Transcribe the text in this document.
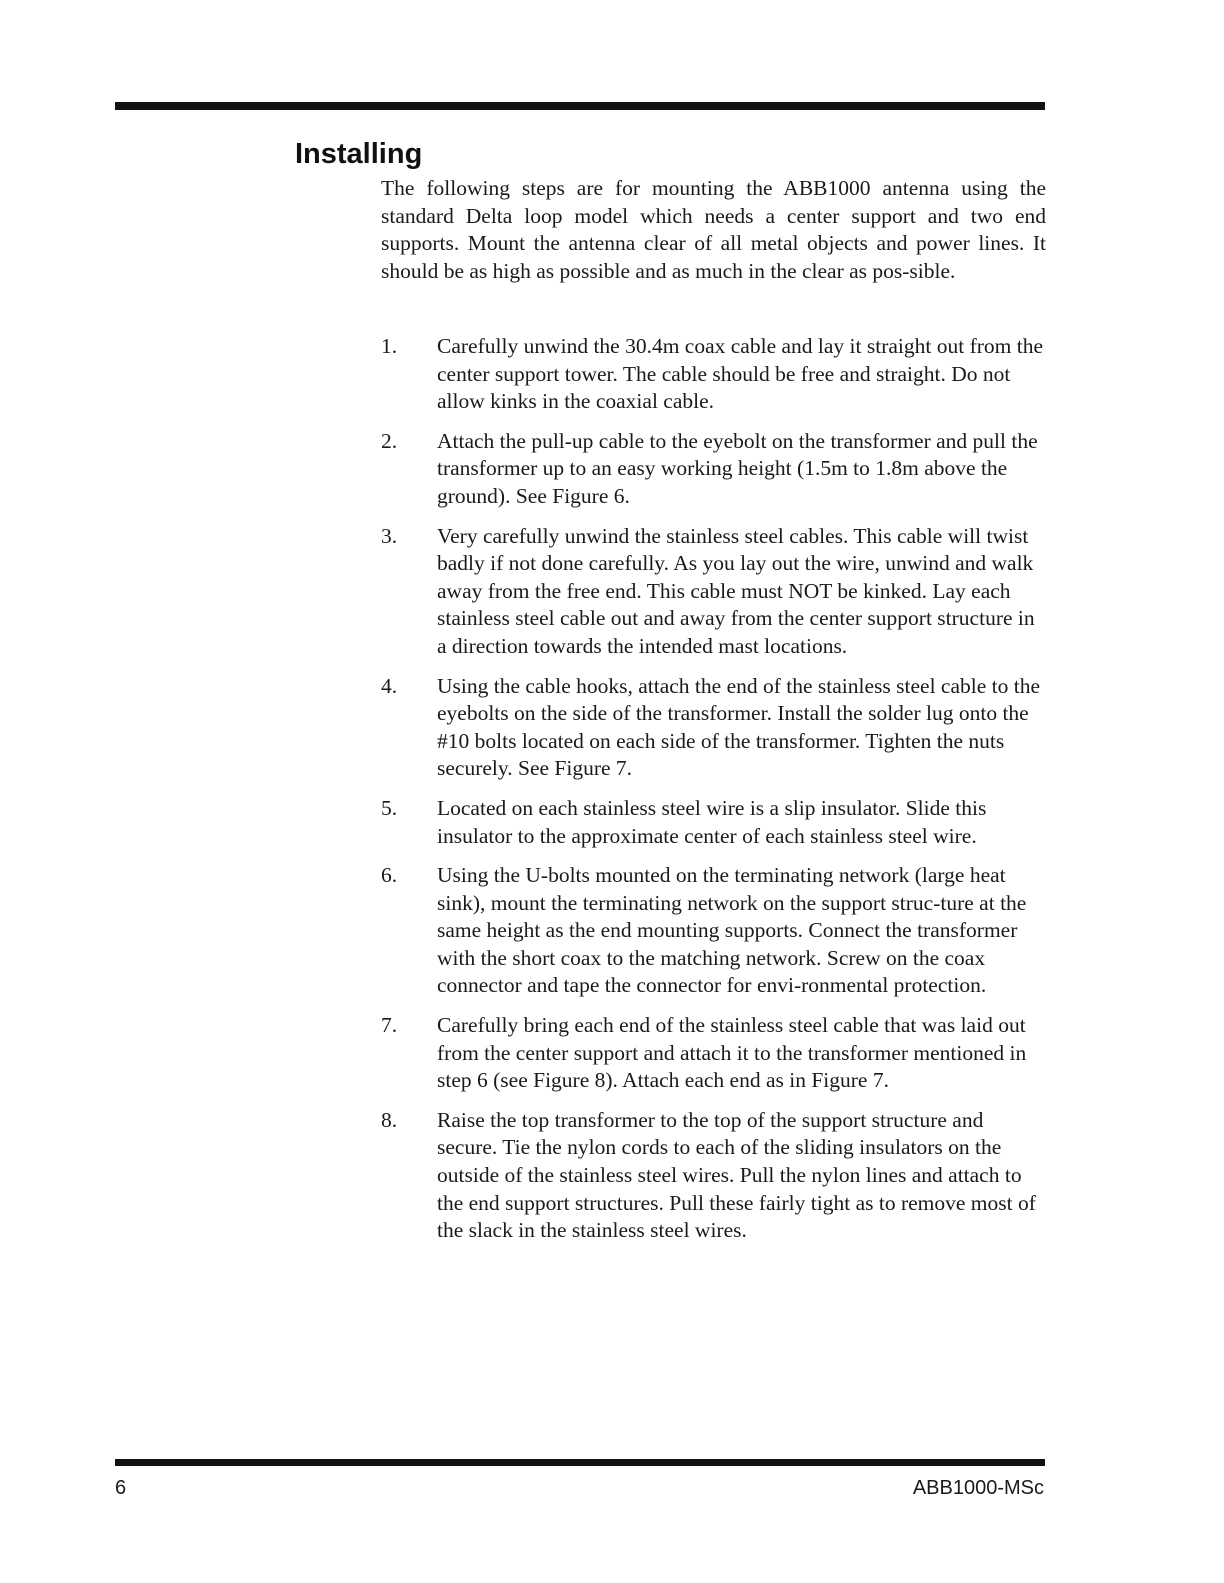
Installing

The following steps are for mounting the ABB1000 antenna using the standard Delta loop model which needs a center support and two end supports. Mount the antenna clear of all metal objects and power lines. It should be as high as possible and as much in the clear as pos-sible.

1. Carefully unwind the 30.4m coax cable and lay it straight out from the center support tower. The cable should be free and straight. Do not allow kinks in the coaxial cable.
2. Attach the pull-up cable to the eyebolt on the transformer and pull the transformer up to an easy working height (1.5m to 1.8m above the ground). See Figure 6.
3. Very carefully unwind the stainless steel cables. This cable will twist badly if not done carefully. As you lay out the wire, unwind and walk away from the free end. This cable must NOT be kinked. Lay each stainless steel cable out and away from the center support structure in a direction towards the intended mast locations.
4. Using the cable hooks, attach the end of the stainless steel cable to the eyebolts on the side of the transformer. Install the solder lug onto the #10 bolts located on each side of the transformer. Tighten the nuts securely. See Figure 7.
5. Located on each stainless steel wire is a slip insulator. Slide this insulator to the approximate center of each stainless steel wire.
6. Using the U-bolts mounted on the terminating network (large heat sink), mount the terminating network on the support struc-ture at the same height as the end mounting supports. Connect the transformer with the short coax to the matching network. Screw on the coax connector and tape the connector for envi-ronmental protection.
7. Carefully bring each end of the stainless steel cable that was laid out from the center support and attach it to the transformer mentioned in step 6 (see Figure 8). Attach each end as in Figure 7.
8. Raise the top transformer to the top of the support structure and secure. Tie the nylon cords to each of the sliding insulators on the outside of the stainless steel wires. Pull the nylon lines and attach to the end support structures. Pull these fairly tight as to remove most of the slack in the stainless steel wires.
6	ABB1000-MSc
